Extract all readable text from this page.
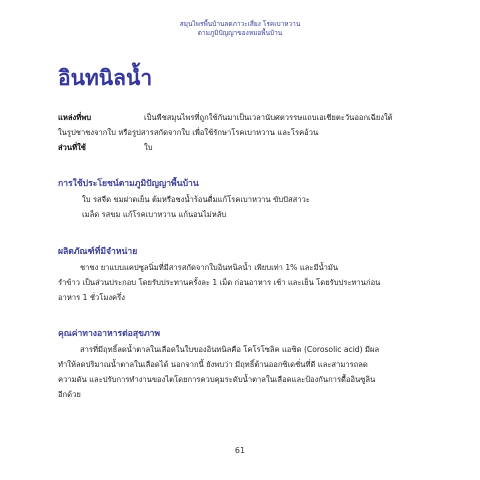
สมุนไพรพื้นบ้านลดภาวะเสี่ยง โรคเบาหวาน
ตามภูมิปัญญาของหมอพื้นบ้าน
อินทนิลน้ำ
แหล่งที่พบ	เป็นพืชสมุนไพรที่ถูกใช้กันมาเป็นเวลานับศตวรรษแถบเอเชียตะวันออกเฉียงใต้
ในรูปชาชงจากใบ หรือรูปสารสกัดจากใบ เพื่อใช้รักษาโรคเบาหวาน และโรคอ้วน
ส่วนที่ใช้	ใบ
การใช้ประโยชน์ตามภูมิปัญญาพื้นบ้าน
ใบ รสจืด ขมฝาดเย็น ต้มหรือชงน้ำร้อนดื่มแก้โรคเบาหวาน ขับปัสสาวะ
เมล็ด รสขม แก้โรคเบาหวาน แก้นอนไม่หลับ
ผลิตภัณฑ์ที่มีจำหน่าย
ชาชง ยาแบบแคปซูลนิ่มที่มีสารสกัดจากใบอินทนิลน้ำ เพียบเท่า 1% และมีน้ำมัน
รำข้าว เป็นส่วนประกอบ โดยรับประทานครั้งละ 1 เม็ด ก่อนอาหาร เช้า และเย็น โดยรับประทานก่อน
อาหาร 1 ชั่วโมงครึ่ง
คุณค่าทางอาหารต่อสุขภาพ
สารที่มีฤทธิ์ลดน้ำตาลในเลือดในใบของอินทนิลคือ โคโรโซลิค แอซิด (Corosolic acid) มีผล
ทำให้ลดปริมาณน้ำตาลในเลือดได้ นอกจากนี้ ยังพบว่า มีฤทธิ์ต้านออกซิเดชั่นที่ดี และสามารถลด
ความดัน และปรับการทำงานของไตโดยการควบคุมระดับน้ำตาลในเลือดและป้องกันการดื้ออินซูลิน
อีกด้วย
61
